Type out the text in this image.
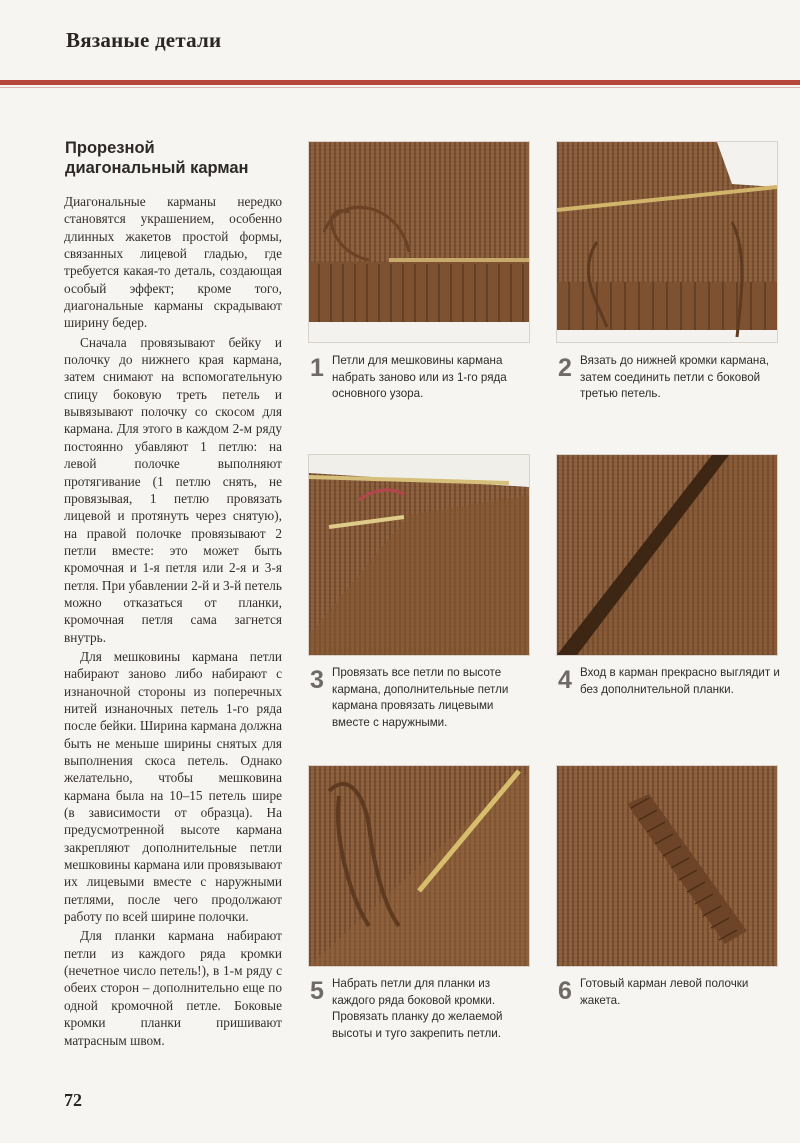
Вязаные детали
Прорезной
диагональный карман

Диагональные карманы нередко становятся украшением, особенно длинных жакетов простой формы, связанных лицевой гладью, где требуется какая-то деталь, создающая особый эффект; кроме того, диагональные карманы скрадывают ширину бедер.

Сначала провязывают бейку и полочку до нижнего края кармана, затем снимают на вспомогательную спицу боковую треть петель и вывязывают полочку со скосом для кармана. Для этого в каждом 2-м ряду постоянно убавляют 1 петлю: на левой полочке выполняют протягивание (1 петлю снять, не провязывая, 1 петлю провязать лицевой и протянуть через снятую), на правой полочке провязывают 2 петли вместе: это может быть кромочная и 1-я петля или 2-я и 3-я петля. При убавлении 2-й и 3-й петель можно отказаться от планки, кромочная петля сама загнется внутрь.

Для мешковины кармана петли набирают заново либо набирают с изнаночной стороны из поперечных нитей изнаночных петель 1-го ряда после бейки. Ширина кармана должна быть не меньше ширины снятых для выполнения скоса петель. Однако желательно, чтобы мешковина кармана была на 10–15 петель шире (в зависимости от образца). На предусмотренной высоте кармана закрепляют дополнительные петли мешковины кармана или провязывают их лицевыми вместе с наружными петлями, после чего продолжают работу по всей ширине полочки.

Для планки кармана набирают петли из каждого ряда кромки (нечетное число петель!), в 1-м ряду с обеих сторон – дополнительно еще по одной кромочной петле. Боковые кромки планки пришивают матрасным швом.

1 Петли для мешковины кармана набрать заново или из 1-го ряда основного узора.
2 Вязать до нижней кромки кармана, затем соединить петли с боковой третью петель.
3 Провязать все петли по высоте кармана, дополнительные петли кармана провязать лицевыми вместе с наружными.
4 Вход в карман прекрасно выглядит и без дополнительной планки.
5 Набрать петли для планки из каждого ряда боковой кромки. Провязать планку до желаемой высоты и туго закрепить петли.
6 Готовый карман левой полочки жакета.
72
